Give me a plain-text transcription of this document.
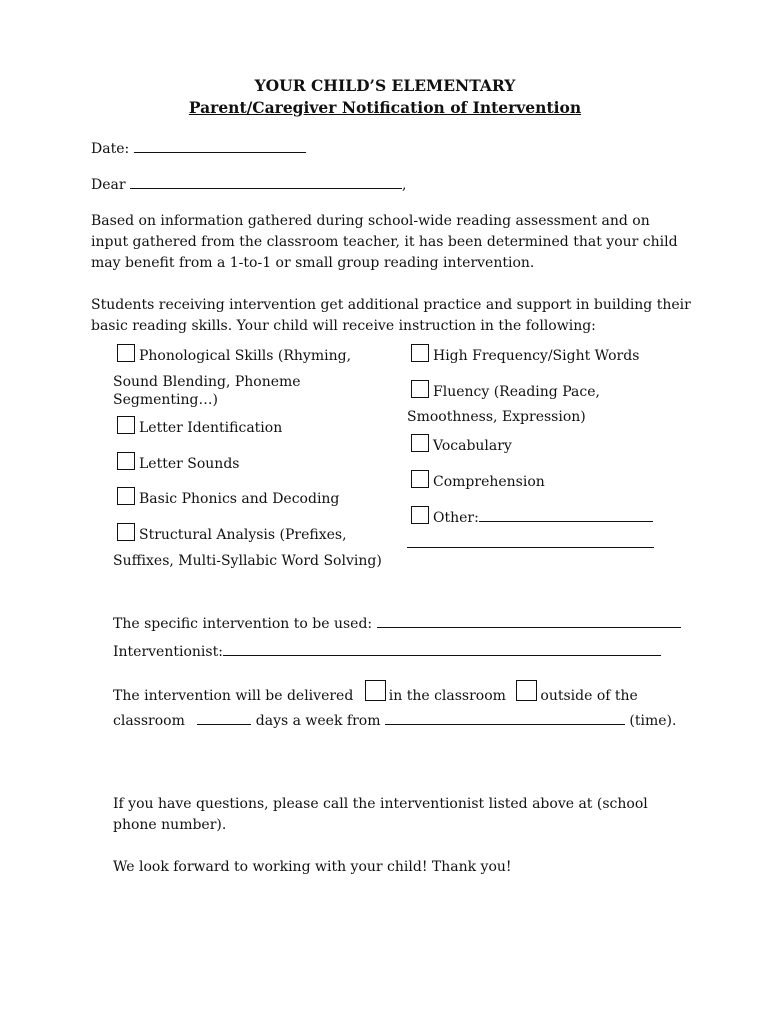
YOUR CHILD’S ELEMENTARY
Parent/Caregiver Notification of Intervention
Date:
Dear	,
Based on information gathered during school-wide reading assessment and on input gathered from the classroom teacher, it has been determined that your child may benefit from a 1-to-1 or small group reading intervention.
Students receiving intervention get additional practice and support in building their basic reading skills. Your child will receive instruction in the following:
Phonological Skills (Rhyming,
Sound Blending, Phoneme
Segmenting…)
Letter Identification
Letter Sounds
Basic Phonics and Decoding
Structural Analysis (Prefixes,
Suffixes, Multi-Syllabic Word Solving)
High Frequency/Sight Words
Fluency (Reading Pace,
Smoothness, Expression)
Vocabulary
Comprehension
Other:
The specific intervention to be used:
Interventionist:
The intervention will be delivered	in the classroom outside of the
classroom	days a week from	(time).
If you have questions, please call the interventionist listed above at (school phone number).
We look forward to working with your child! Thank you!
